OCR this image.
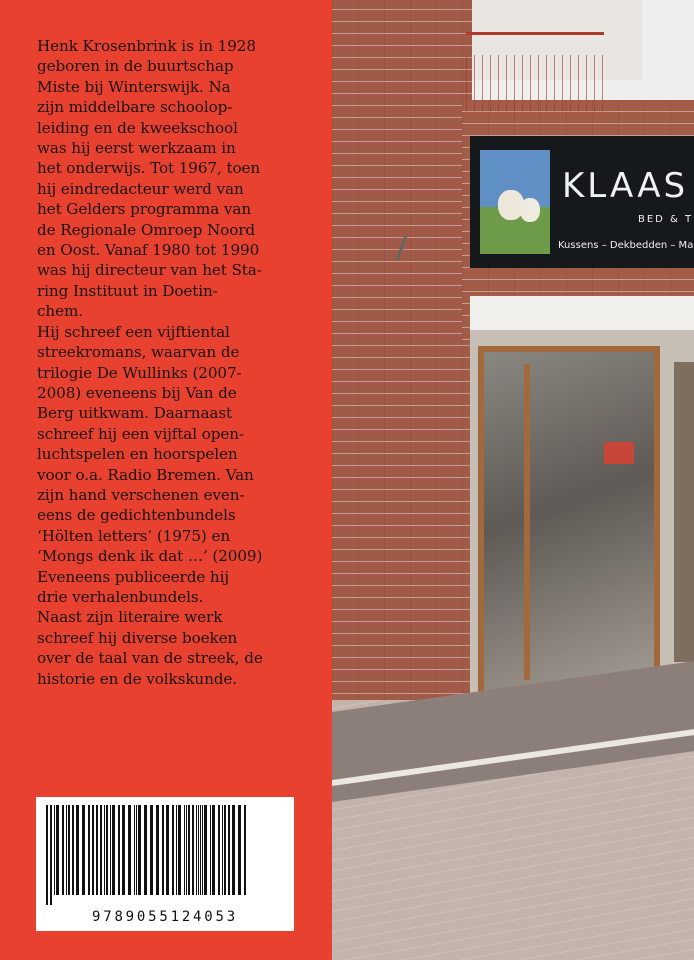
Henk Krosenbrink is in 1928
geboren in de buurtschap
Miste bij Winterswijk. Na
zijn middelbare schoolop-
leiding en de kweekschool
was hij eerst werkzaam in
het onderwijs. Tot 1967, toen
hij eindredacteur werd van
het Gelders programma van
de Regionale Omroep Noord
en Oost. Vanaf 1980 tot 1990
was hij directeur van het Sta-
ring Instituut in Doetin-
chem.
Hij schreef een vijftiental
streekromans, waarvan de
trilogie De Wullinks (2007-
2008) eveneens bij Van de
Berg uitkwam. Daarnaast
schreef hij een vijftal open-
luchtspelen en hoorspelen
voor o.a. Radio Bremen. Van
zijn hand verschenen even-
eens de gedichtenbundels
‘Hölten letters’ (1975) en
‘Mongs denk ik dat …’ (2009)
Eveneens publiceerde hij
drie verhalenbundels.
Naast zijn literaire werk
schreef hij diverse boeken
over de taal van de streek, de
historie en de volkskunde.
9789055124053
KLAAS
BED & T
Kussens – Dekbedden – Ma
